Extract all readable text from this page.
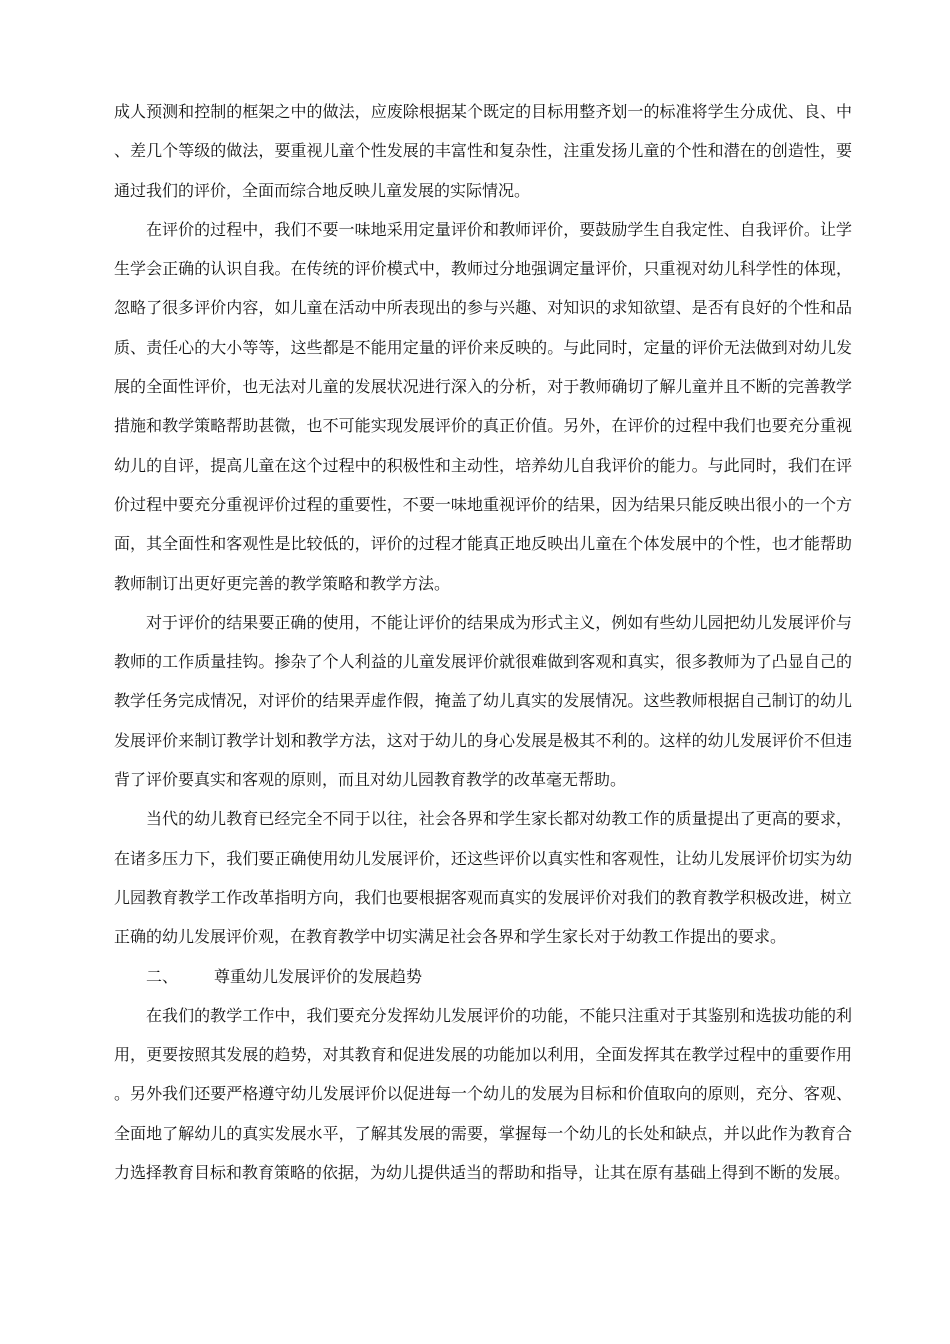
成人预测和控制的框架之中的做法，应废除根据某个既定的目标用整齐划一的标准将学生分成优、良、中、差几个等级的做法，要重视儿童个性发展的丰富性和复杂性，注重发扬儿童的个性和潜在的创造性，要通过我们的评价，全面而综合地反映儿童发展的实际情况。

在评价的过程中，我们不要一味地采用定量评价和教师评价，要鼓励学生自我定性、自我评价。让学生学会正确的认识自我。在传统的评价模式中，教师过分地强调定量评价，只重视对幼儿科学性的体现，忽略了很多评价内容，如儿童在活动中所表现出的参与兴趣、对知识的求知欲望、是否有良好的个性和品质、责任心的大小等等，这些都是不能用定量的评价来反映的。与此同时，定量的评价无法做到对幼儿发展的全面性评价，也无法对儿童的发展状况进行深入的分析，对于教师确切了解儿童并且不断的完善教学措施和教学策略帮助甚微，也不可能实现发展评价的真正价值。另外，在评价的过程中我们也要充分重视幼儿的自评，提高儿童在这个过程中的积极性和主动性，培养幼儿自我评价的能力。与此同时，我们在评价过程中要充分重视评价过程的重要性，不要一味地重视评价的结果，因为结果只能反映出很小的一个方面，其全面性和客观性是比较低的，评价的过程才能真正地反映出儿童在个体发展中的个性，也才能帮助教师制订出更好更完善的教学策略和教学方法。

对于评价的结果要正确的使用，不能让评价的结果成为形式主义，例如有些幼儿园把幼儿发展评价与教师的工作质量挂钩。掺杂了个人利益的儿童发展评价就很难做到客观和真实，很多教师为了凸显自己的教学任务完成情况，对评价的结果弄虚作假，掩盖了幼儿真实的发展情况。这些教师根据自己制订的幼儿发展评价来制订教学计划和教学方法，这对于幼儿的身心发展是极其不利的。这样的幼儿发展评价不但违背了评价要真实和客观的原则，而且对幼儿园教育教学的改革毫无帮助。

当代的幼儿教育已经完全不同于以往，社会各界和学生家长都对幼教工作的质量提出了更高的要求，在诸多压力下，我们要正确使用幼儿发展评价，还这些评价以真实性和客观性，让幼儿发展评价切实为幼儿园教育教学工作改革指明方向，我们也要根据客观而真实的发展评价对我们的教育教学积极改进，树立正确的幼儿发展评价观，在教育教学中切实满足社会各界和学生家长对于幼教工作提出的要求。

二、 尊重幼儿发展评价的发展趋势

在我们的教学工作中，我们要充分发挥幼儿发展评价的功能，不能只注重对于其鉴别和选拔功能的利用，更要按照其发展的趋势，对其教育和促进发展的功能加以利用，全面发挥其在教学过程中的重要作用。另外我们还要严格遵守幼儿发展评价以促进每一个幼儿的发展为目标和价值取向的原则，充分、客观、全面地了解幼儿的真实发展水平，了解其发展的需要，掌握每一个幼儿的长处和缺点，并以此作为教育合力选择教育目标和教育策略的依据，为幼儿提供适当的帮助和指导，让其在原有基础上得到不断的发展。
